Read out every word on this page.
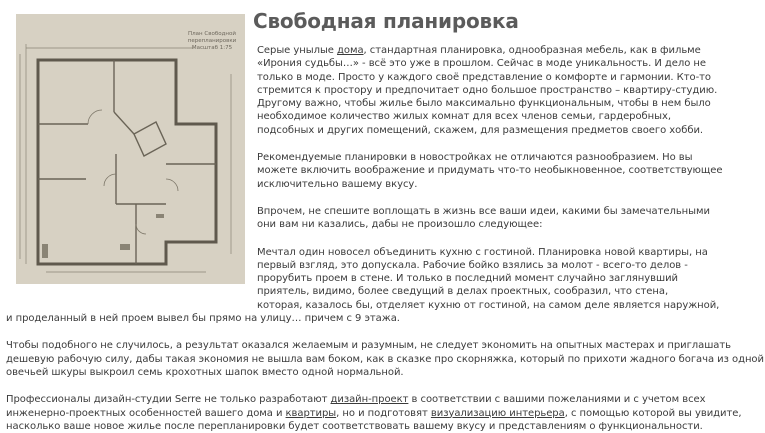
План Свободной
перепланировки
Масштаб 1:75
Свободная планировка
Серые унылые дома, стандартная планировка, однообразная мебель, как в фильме
«Ирония судьбы…» - всё это уже в прошлом. Сейчас в моде уникальность. И дело не
только в моде. Просто у каждого своё представление о комфорте и гармонии. Кто-то
стремится к простору и предпочитает одно большое пространство – квартиру-студию.
Другому важно, чтобы жилье было максимально функциональным, чтобы в нем было
необходимое количество жилых комнат для всех членов семьи, гардеробных,
подсобных и других помещений, скажем, для размещения предметов своего хобби.
Рекомендуемые планировки в новостройках не отличаются разнообразием. Но вы
можете включить воображение и придумать что-то необыкновенное, соответствующее
исключительно вашему вкусу.
Впрочем, не спешите воплощать в жизнь все ваши идеи, какими бы замечательными
они вам ни казались, дабы не произошло следующее:
Мечтал один новосел объединить кухню с гостиной. Планировка новой квартиры, на
первый взгляд, это допускала. Рабочие бойко взялись за молот - всего-то делов -
прорубить проем в стене. И только в последний момент случайно заглянувший
приятель, видимо, более сведущий в делах проектных, сообразил, что стена,
которая, казалось бы, отделяет кухню от гостиной, на самом деле является наружной,
и проделанный в ней проем вывел бы прямо на улицу… причем с 9 этажа.
Чтобы подобного не случилось, а результат оказался желаемым и разумным, не следует экономить на опытных мастерах и приглашать
дешевую рабочую силу, дабы такая экономия не вышла вам боком, как в сказке про скорняжка, который по прихоти жадного богача из одной
овечьей шкуры выкроил семь крохотных шапок вместо одной нормальной.
Профессионалы дизайн-студии Serre не только разработают дизайн-проект в соответствии с вашими пожеланиями и с учетом всех
инженерно-проектных особенностей вашего дома и квартиры, но и подготовят визуализацию интерьера, с помощью которой вы увидите,
насколько ваше новое жилье после перепланировки будет соответствовать вашему вкусу и представлениям о функциональности.
